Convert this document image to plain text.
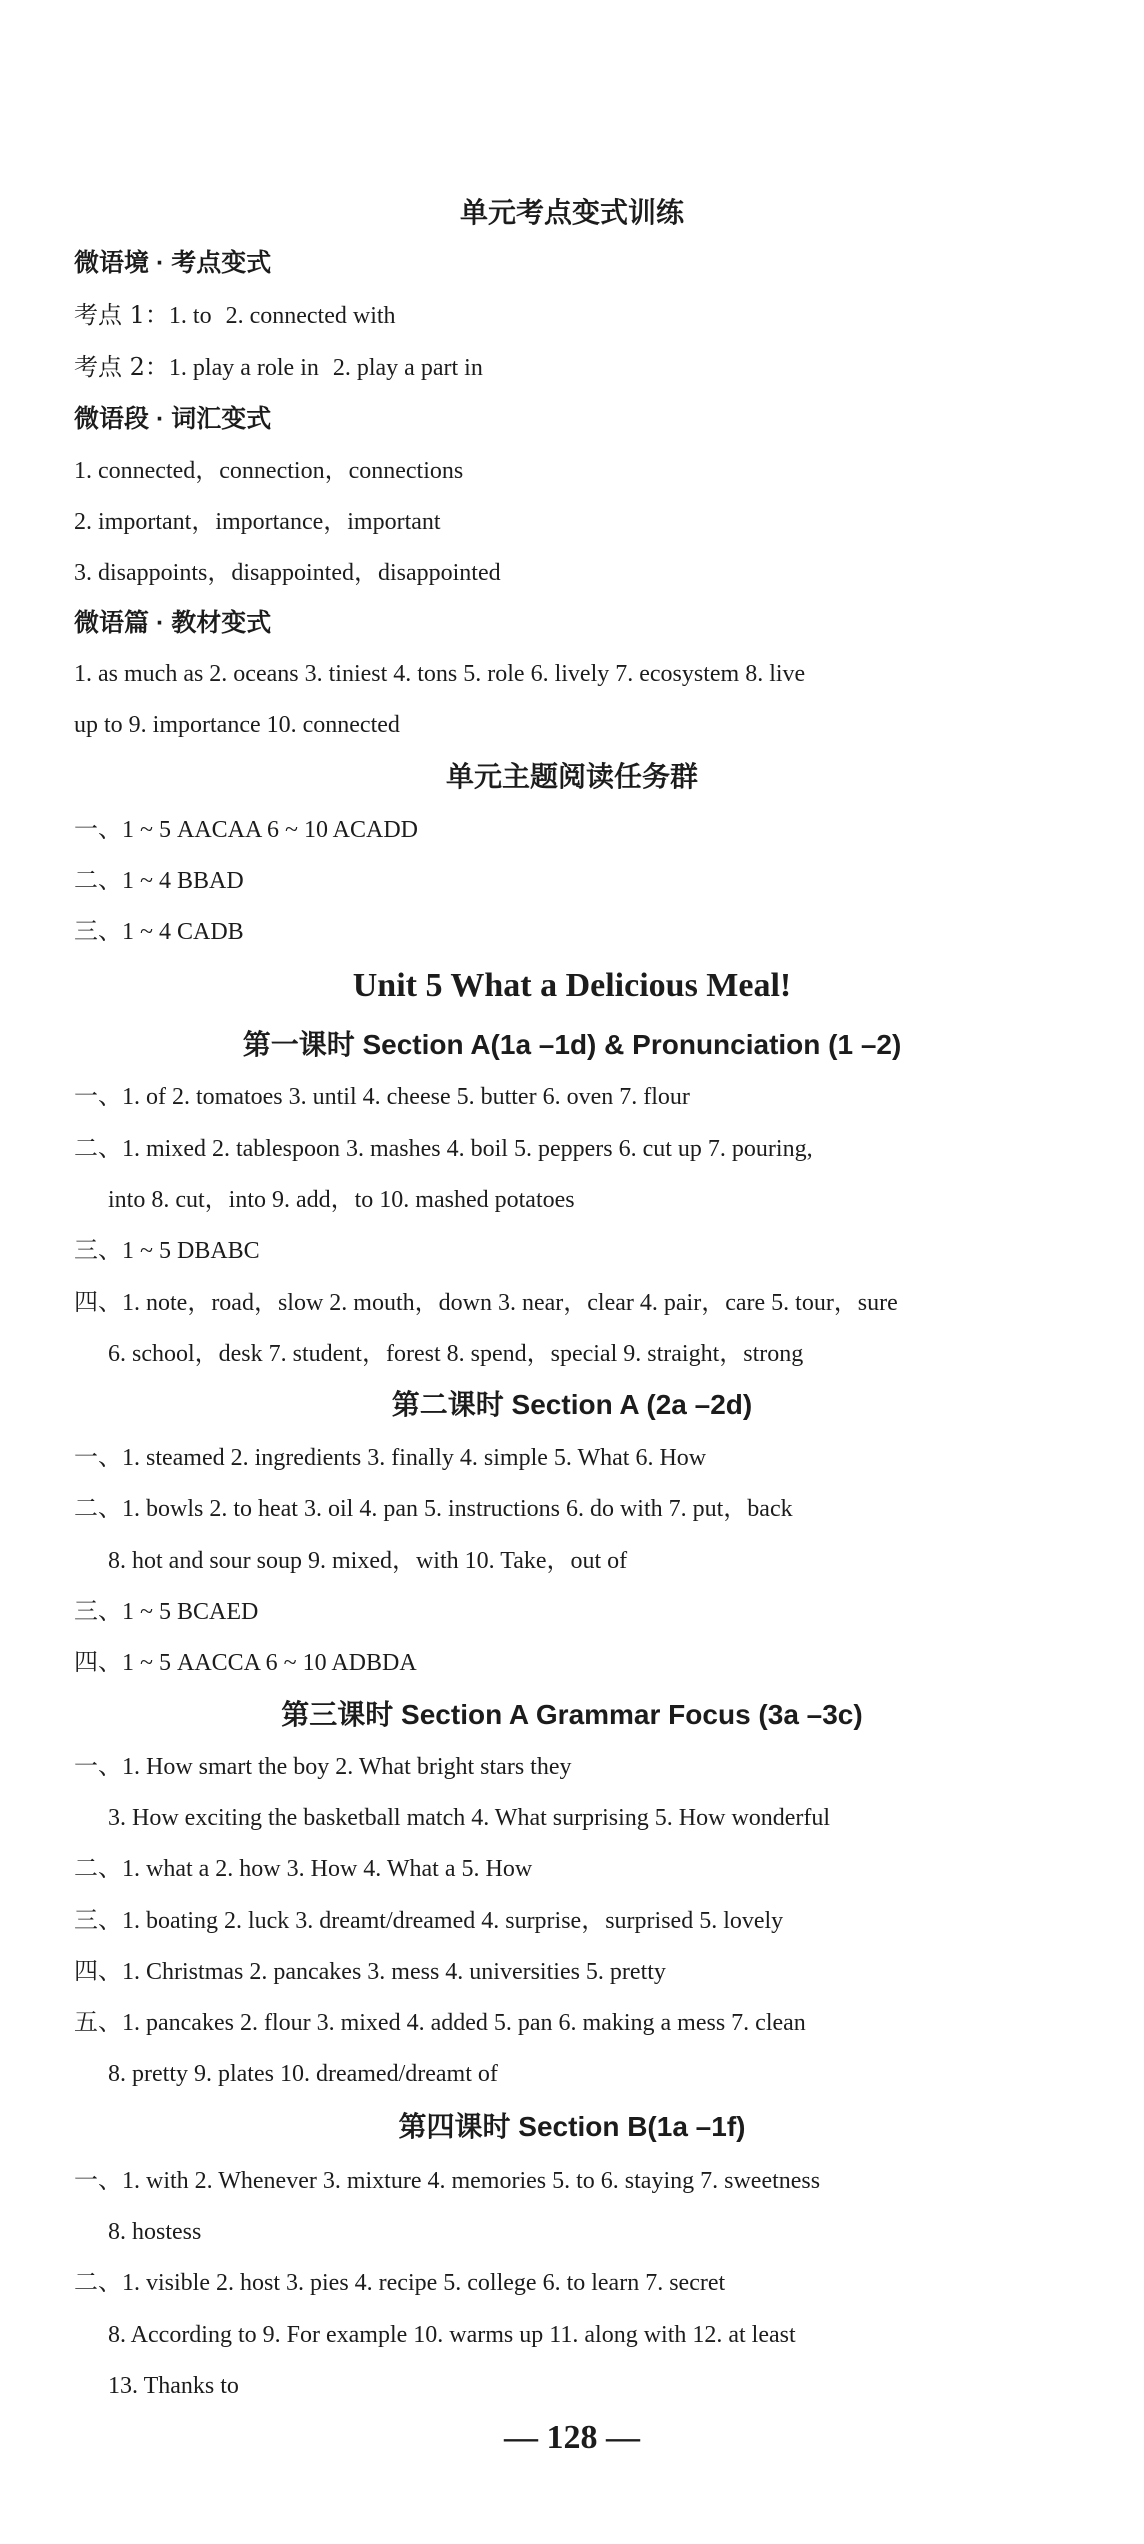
单元考点变式训练
微语境 · 考点变式
考点 1：1. to 2. connected with
考点 2：1. play a role in 2. play a part in
微语段 · 词汇变式
1. connected，connection，connections
2. important，importance，important
3. disappoints，disappointed，disappointed
微语篇 · 教材变式
1. as much as 2. oceans 3. tiniest 4. tons 5. role 6. lively 7. ecosystem 8. live
up to 9. importance 10. connected
单元主题阅读任务群
一、1 ~ 5 AACAA 6 ~ 10 ACADD
二、1 ~ 4 BBAD
三、1 ~ 4 CADB
Unit 5 What a Delicious Meal!
第一课时 Section A(1a –1d) & Pronunciation (1 –2)
一、1. of 2. tomatoes 3. until 4. cheese 5. butter 6. oven 7. flour
二、1. mixed 2. tablespoon 3. mashes 4. boil 5. peppers 6. cut up 7. pouring,
into 8. cut，into 9. add，to 10. mashed potatoes
三、1 ~ 5 DBABC
四、1. note，road，slow 2. mouth，down 3. near，clear 4. pair，care 5. tour，sure
6. school，desk 7. student，forest 8. spend，special 9. straight，strong
第二课时 Section A (2a –2d)
一、1. steamed 2. ingredients 3. finally 4. simple 5. What 6. How
二、1. bowls 2. to heat 3. oil 4. pan 5. instructions 6. do with 7. put，back
8. hot and sour soup 9. mixed，with 10. Take，out of
三、1 ~ 5 BCAED
四、1 ~ 5 AACCA 6 ~ 10 ADBDA
第三课时 Section A Grammar Focus (3a –3c)
一、1. How smart the boy 2. What bright stars they
3. How exciting the basketball match 4. What surprising 5. How wonderful
二、1. what a 2. how 3. How 4. What a 5. How
三、1. boating 2. luck 3. dreamt/dreamed 4. surprise，surprised 5. lovely
四、1. Christmas 2. pancakes 3. mess 4. universities 5. pretty
五、1. pancakes 2. flour 3. mixed 4. added 5. pan 6. making a mess 7. clean
8. pretty 9. plates 10. dreamed/dreamt of
第四课时 Section B(1a –1f)
一、1. with 2. Whenever 3. mixture 4. memories 5. to 6. staying 7. sweetness
8. hostess
二、1. visible 2. host 3. pies 4. recipe 5. college 6. to learn 7. secret
8. According to 9. For example 10. warms up 11. along with 12. at least
13. Thanks to
— 128 —
